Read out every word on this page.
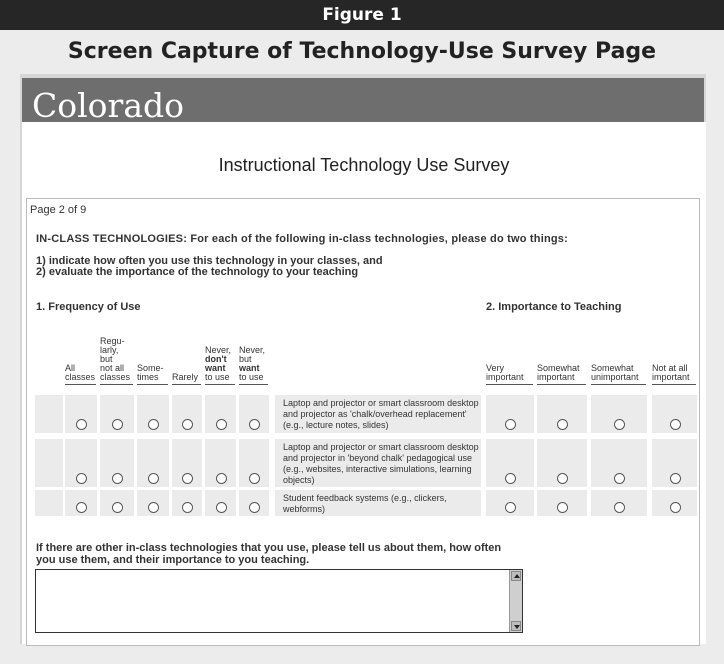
Figure 1
Screen Capture of Technology-Use Survey Page
Colorado
Instructional Technology Use Survey
Page 2 of 9
IN-CLASS TECHNOLOGIES: For each of the following in-class technologies, please do two things:
1) indicate how often you use this technology in your classes, and
2) evaluate the importance of the technology to your teaching
1. Frequency of Use	2. Importance to Teaching
If there are other in-class technologies that you use, please tell us about them, how often you use them, and their importance to you teaching.
All
classes
Regu-
larly,
but
not all
classes
Some-
times	Rarely
Never,
don't
want
to use
Never,
but
want
to use
Very
important
Somewhat
important
Somewhat
unimportant
Not at all
important
Laptop and projector or smart classroom desktop and projector as 'chalk/overhead replacement' (e.g., lecture notes, slides)
Laptop and projector or smart classroom desktop and projector in 'beyond chalk' pedagogical use (e.g., websites, interactive simulations, learning objects)
Student feedback systems (e.g., clickers, webforms)
